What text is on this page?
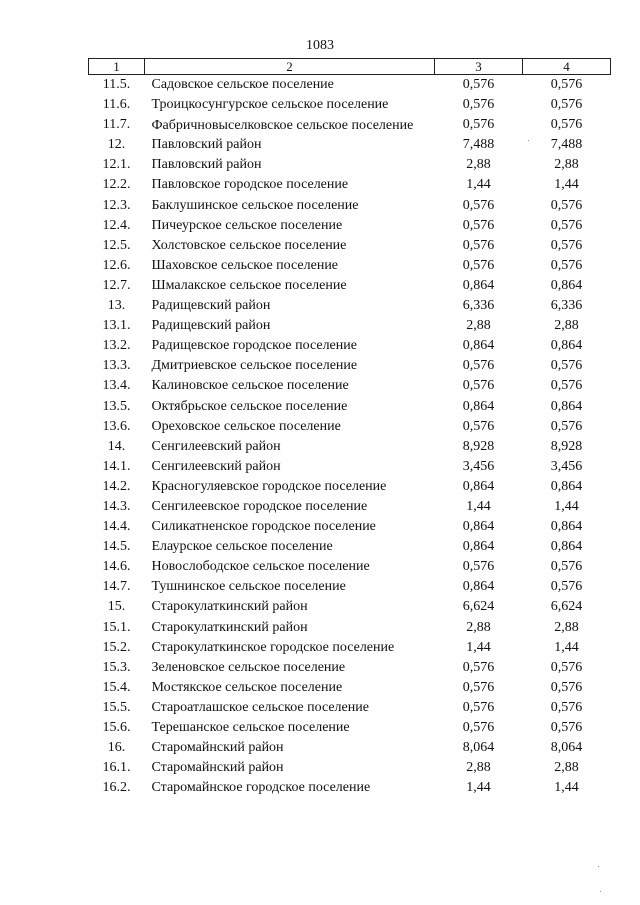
1083
1	2	3	4
11.5.	Садовское сельское поселение	0,576	0,576
11.6.	Троицкосунгурское сельское поселение	0,576	0,576
11.7.	Фабричновыселковское сельское поселение	0,576	0,576
12.	Павловский район	7,488	7,488
12.1.	Павловский район	2,88	2,88
12.2.	Павловское городское поселение	1,44	1,44
12.3.	Баклушинское сельское поселение	0,576	0,576
12.4.	Пичеурское сельское поселение	0,576	0,576
12.5.	Холстовское сельское поселение	0,576	0,576
12.6.	Шаховское сельское поселение	0,576	0,576
12.7.	Шмалакское сельское поселение	0,864	0,864
13.	Радищевский район	6,336	6,336
13.1.	Радищевский район	2,88	2,88
13.2.	Радищевское городское поселение	0,864	0,864
13.3.	Дмитриевское сельское поселение	0,576	0,576
13.4.	Калиновское сельское поселение	0,576	0,576
13.5.	Октябрьское сельское поселение	0,864	0,864
13.6.	Ореховское сельское поселение	0,576	0,576
14.	Сенгилеевский район	8,928	8,928
14.1.	Сенгилеевский район	3,456	3,456
14.2.	Красногуляевское городское поселение	0,864	0,864
14.3.	Сенгилеевское городское поселение	1,44	1,44
14.4.	Силикатненское городское поселение	0,864	0,864
14.5.	Елаурское сельское поселение	0,864	0,864
14.6.	Новослободское сельское поселение	0,576	0,576
14.7.	Тушнинское сельское поселение	0,864	0,576
15.	Старокулаткинский район	6,624	6,624
15.1.	Старокулаткинский район	2,88	2,88
15.2.	Старокулаткинское городское поселение	1,44	1,44
15.3.	Зеленовское сельское поселение	0,576	0,576
15.4.	Мостякское сельское поселение	0,576	0,576
15.5.	Староатлашское сельское поселение	0,576	0,576
15.6.	Терешанское сельское поселение	0,576	0,576
16.	Старомайнский район	8,064	8,064
16.1.	Старомайнский район	2,88	2,88
16.2.	Старомайнское городское поселение	1,44	1,44
